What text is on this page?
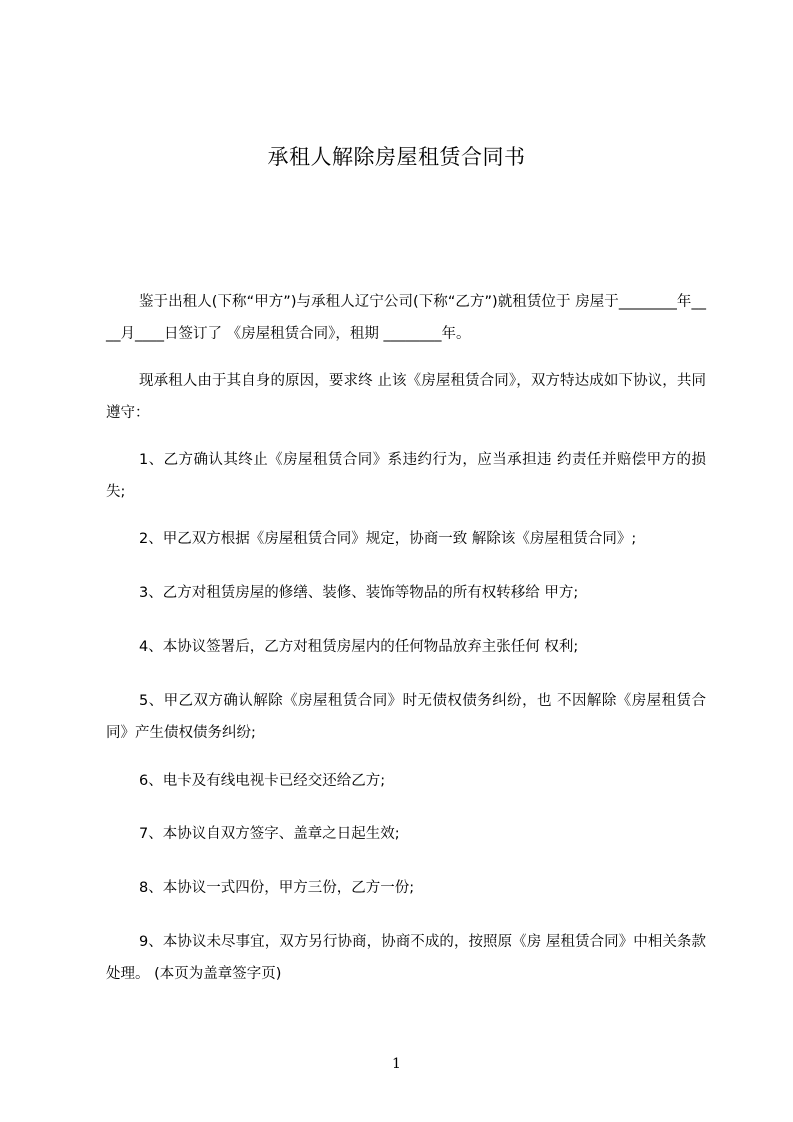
承租人解除房屋租赁合同书

鉴于出租人(下称“甲方”)与承租人辽宁公司(下称“乙方”)就租赁位于 房屋于________年____月____日签订了 《房屋租赁合同》，租期 ________年。

现承租人由于其自身的原因，要求终 止该《房屋租赁合同》，双方特达成如下协议，共同遵守：

1、乙方确认其终止《房屋租赁合同》系违约行为，应当承担违 约责任并赔偿甲方的损失;

2、甲乙双方根据《房屋租赁合同》规定，协商一致 解除该《房屋租赁合同》;

3、乙方对租赁房屋的修缮、装修、装饰等物品的所有权转移给 甲方;

4、本协议签署后，乙方对租赁房屋内的任何物品放弃主张任何 权利;

5、甲乙双方确认解除《房屋租赁合同》时无债权债务纠纷，也 不因解除《房屋租赁合同》产生债权债务纠纷;

6、电卡及有线电视卡已经交还给乙方;

7、本协议自双方签字、盖章之日起生效;

8、本协议一式四份，甲方三份，乙方一份;

9、本协议未尽事宜，双方另行协商，协商不成的，按照原《房 屋租赁合同》中相关条款处理。 (本页为盖章签字页)

1
